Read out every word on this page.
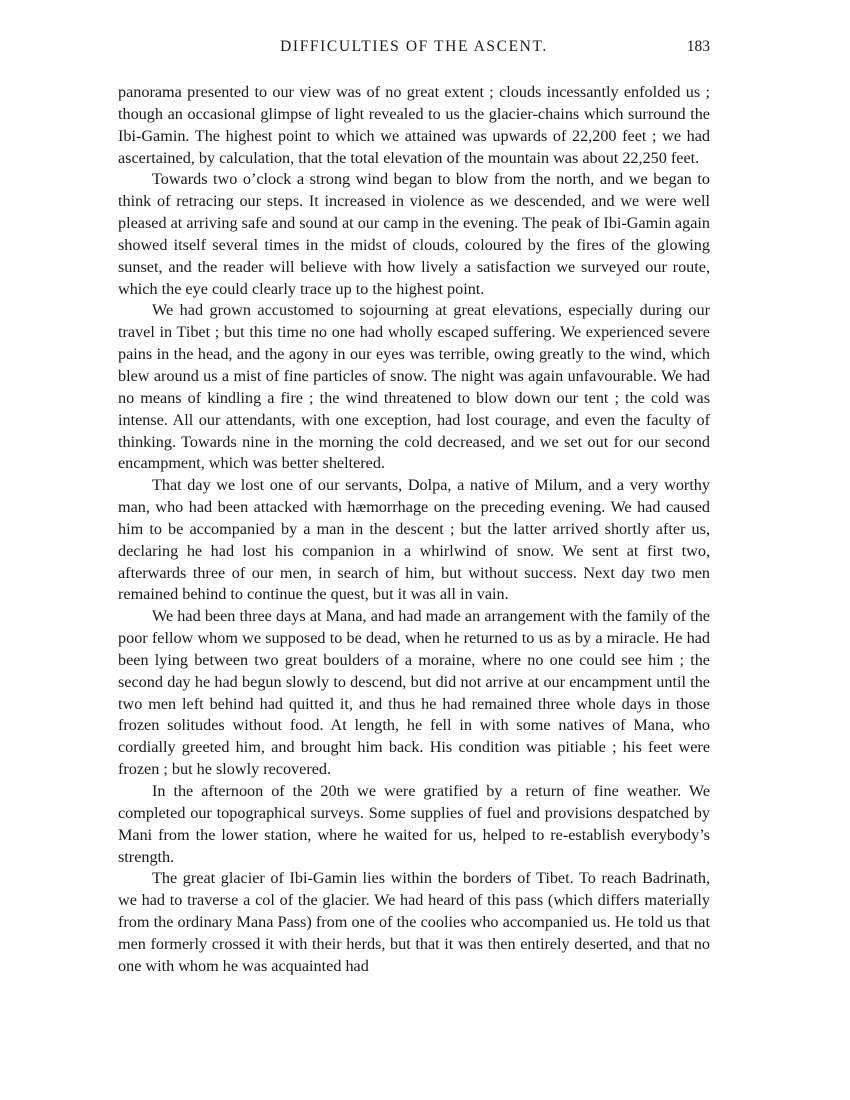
DIFFICULTIES OF THE ASCENT.	183

panorama presented to our view was of no great extent ; clouds incessantly enfolded us ; though an occasional glimpse of light revealed to us the glacier-chains which surround the Ibi-Gamin. The highest point to which we attained was upwards of 22,200 feet ; we had ascertained, by calculation, that the total elevation of the mountain was about 22,250 feet.

Towards two o’clock a strong wind began to blow from the north, and we began to think of retracing our steps. It increased in violence as we descended, and we were well pleased at arriving safe and sound at our camp in the evening. The peak of Ibi-Gamin again showed itself several times in the midst of clouds, coloured by the fires of the glowing sunset, and the reader will believe with how lively a satisfaction we surveyed our route, which the eye could clearly trace up to the highest point.

We had grown accustomed to sojourning at great elevations, especially during our travel in Tibet ; but this time no one had wholly escaped suffering. We experienced severe pains in the head, and the agony in our eyes was terrible, owing greatly to the wind, which blew around us a mist of fine particles of snow. The night was again unfavourable. We had no means of kindling a fire ; the wind threatened to blow down our tent ; the cold was intense. All our attendants, with one exception, had lost courage, and even the faculty of thinking. Towards nine in the morning the cold decreased, and we set out for our second encampment, which was better sheltered.

That day we lost one of our servants, Dolpa, a native of Milum, and a very worthy man, who had been attacked with hæmorrhage on the preceding evening. We had caused him to be accompanied by a man in the descent ; but the latter arrived shortly after us, declaring he had lost his companion in a whirlwind of snow. We sent at first two, afterwards three of our men, in search of him, but without success. Next day two men remained behind to continue the quest, but it was all in vain.

We had been three days at Mana, and had made an arrangement with the family of the poor fellow whom we supposed to be dead, when he returned to us as by a miracle. He had been lying between two great boulders of a moraine, where no one could see him ; the second day he had begun slowly to descend, but did not arrive at our encampment until the two men left behind had quitted it, and thus he had remained three whole days in those frozen solitudes without food. At length, he fell in with some natives of Mana, who cordially greeted him, and brought him back. His condition was pitiable ; his feet were frozen ; but he slowly recovered.

In the afternoon of the 20th we were gratified by a return of fine weather. We completed our topographical surveys. Some supplies of fuel and provisions despatched by Mani from the lower station, where he waited for us, helped to re-establish everybody’s strength.

The great glacier of Ibi-Gamin lies within the borders of Tibet. To reach Badrinath, we had to traverse a col of the glacier. We had heard of this pass (which differs materially from the ordinary Mana Pass) from one of the coolies who accompanied us. He told us that men formerly crossed it with their herds, but that it was then entirely deserted, and that no one with whom he was acquainted had
